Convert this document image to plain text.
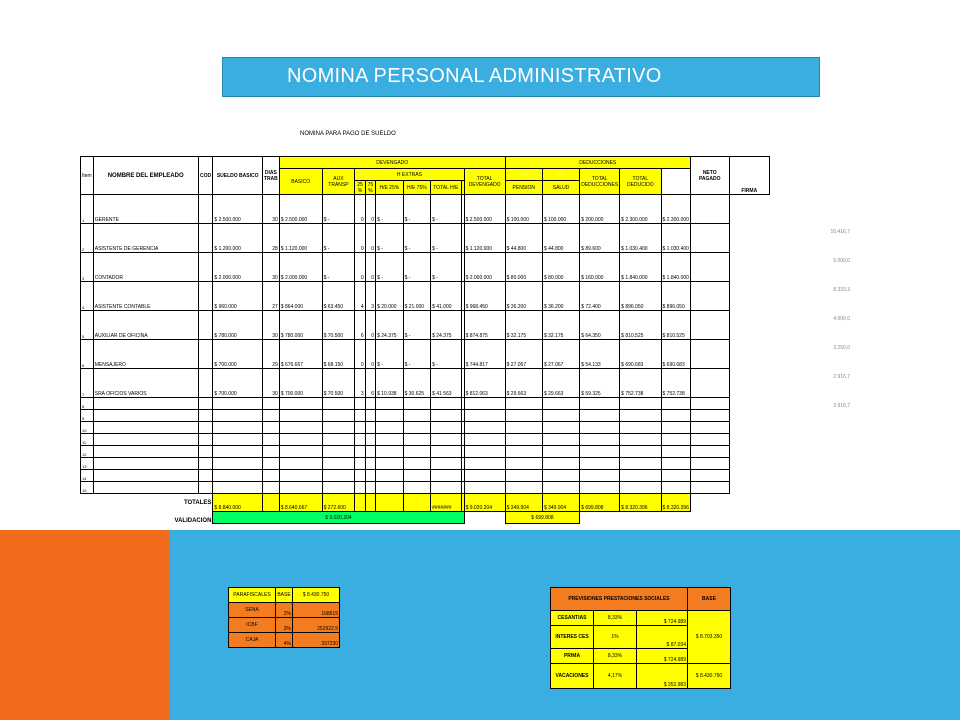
NOMINA PERSONAL ADMINISTRATIVO
NOMINA PARA PAGO DE SUELDO
Item	NOMBRE DEL EMPLEADO	COD	SUELDO BASICO	DIAS TRAB	DEVENGADO									DEDUCCIONES					NETO PAGADO	FIRMA
					BASICO	AUX TRANSP	H EXTRAS						TOTAL DEVENGADO	4%	4%	TOTAL DEDUCCIONES	TOTAL DEDUCIDO			
							25 %	75 %	H/E 25%	H/E 75%	TOTAL H/E			PENSION	SALUD					
1	GERENTE		$ 2.500.000	30	$ 2.500.000	$ -	0	0	$ -	$ -	$ -		$ 2.500.000	$ 100.000	$ 100.000	$ 200.000	$ 2.300.000	$ 2.300.000		
2	ASISTENTE DE GERENCIA		$ 1.200.000	28	$ 1.120.000	$ -	0	0	$ -	$ -	$ -		$ 1.120.000	$ 44.800	$ 44.800	$ 89.600	$ 1.030.400	$ 1.030.400		
3	CONTADOR		$ 2.000.000	30	$ 2.000.000	$ -	0	0	$ -	$ -	$ -		$ 2.000.000	$ 80.000	$ 80.000	$ 160.000	$ 1.840.000	$ 1.840.000		
4	ASISTENTE CONTABLE		$ 960.000	27	$ 864.000	$ 63.450	4	3	$ 20.000	$ 21.000	$ 41.000		$ 968.450	$ 36.200	$ 36.200	$ 72.400	$ 896.050	$ 896.050		
5	AUXILIAR DE OFICINA		$ 780.000	30	$ 780.000	$ 70.500	6	0	$ 24.375	$ -	$ 24.375		$ 874.875	$ 32.175	$ 32.175	$ 64.350	$ 810.525	$ 810.525		
6	MENSAJERO		$ 700.000	29	$ 676.667	$ 68.150	0	0	$ -	$ -	$ -		$ 744.817	$ 27.067	$ 27.067	$ 54.133	$ 690.683	$ 690.683		
7	SRA OFICIOS VARIOS		$ 700.000	30	$ 700.000	$ 70.500	3	6	$ 10.938	$ 30.625	$ 41.563		$ 812.063	$ 29.663	$ 29.663	$ 59.325	$ 752.738	$ 752.738		
8																				
9																				
10																				
11																				
12																				
13																				
14																				
15																				
TOTALES			$ 8.840.000		$ 8.640.667	$ 272.600					#######		$ 9.020.204	$ 349.904	$ 349.904	$ 699.808	$ 8.320.396	$ 8.320.396		
VALIDACION			$ 9.020.204											$ 699.808						
10.416,7
5.000,0
8.333,3
4.000,0
3.250,0
2.916,7
2.916,7
PARAFISCALES	BASE	$ 8.430.750
SENA	2%	168615
ICBF	3%	252922,5
CAJA	4%	337230
PREVISIONES PRESTACIONES SOCIALES			BASE
CESANTIAS	8,33%	$ 724.989	$ 8.703.350
INTERES CES	1%	$ 87.034	
PRIMA	8,33%	$ 724.989	
VACACIONES	4,17%	$ 352.983	$ 8.430.750
